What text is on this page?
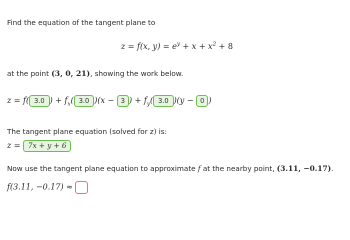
Find the equation of the tangent plane to
z = f(x, $y) = e^y + x + x^2 + 8$
at the point (3, 0, 21), showing the work below.
z = f( 3.0 ) + $f_x$( 3.0 )(x − 3 ) + $f_y$( 3.0 )(y − 0 )
The tangent plane equation (solved for z) is:
z = 7x + y + 6
Now use the tangent plane equation to approximate f at the nearby point, (3.11, −0.17).
f(3.11, −0.17) ≈
